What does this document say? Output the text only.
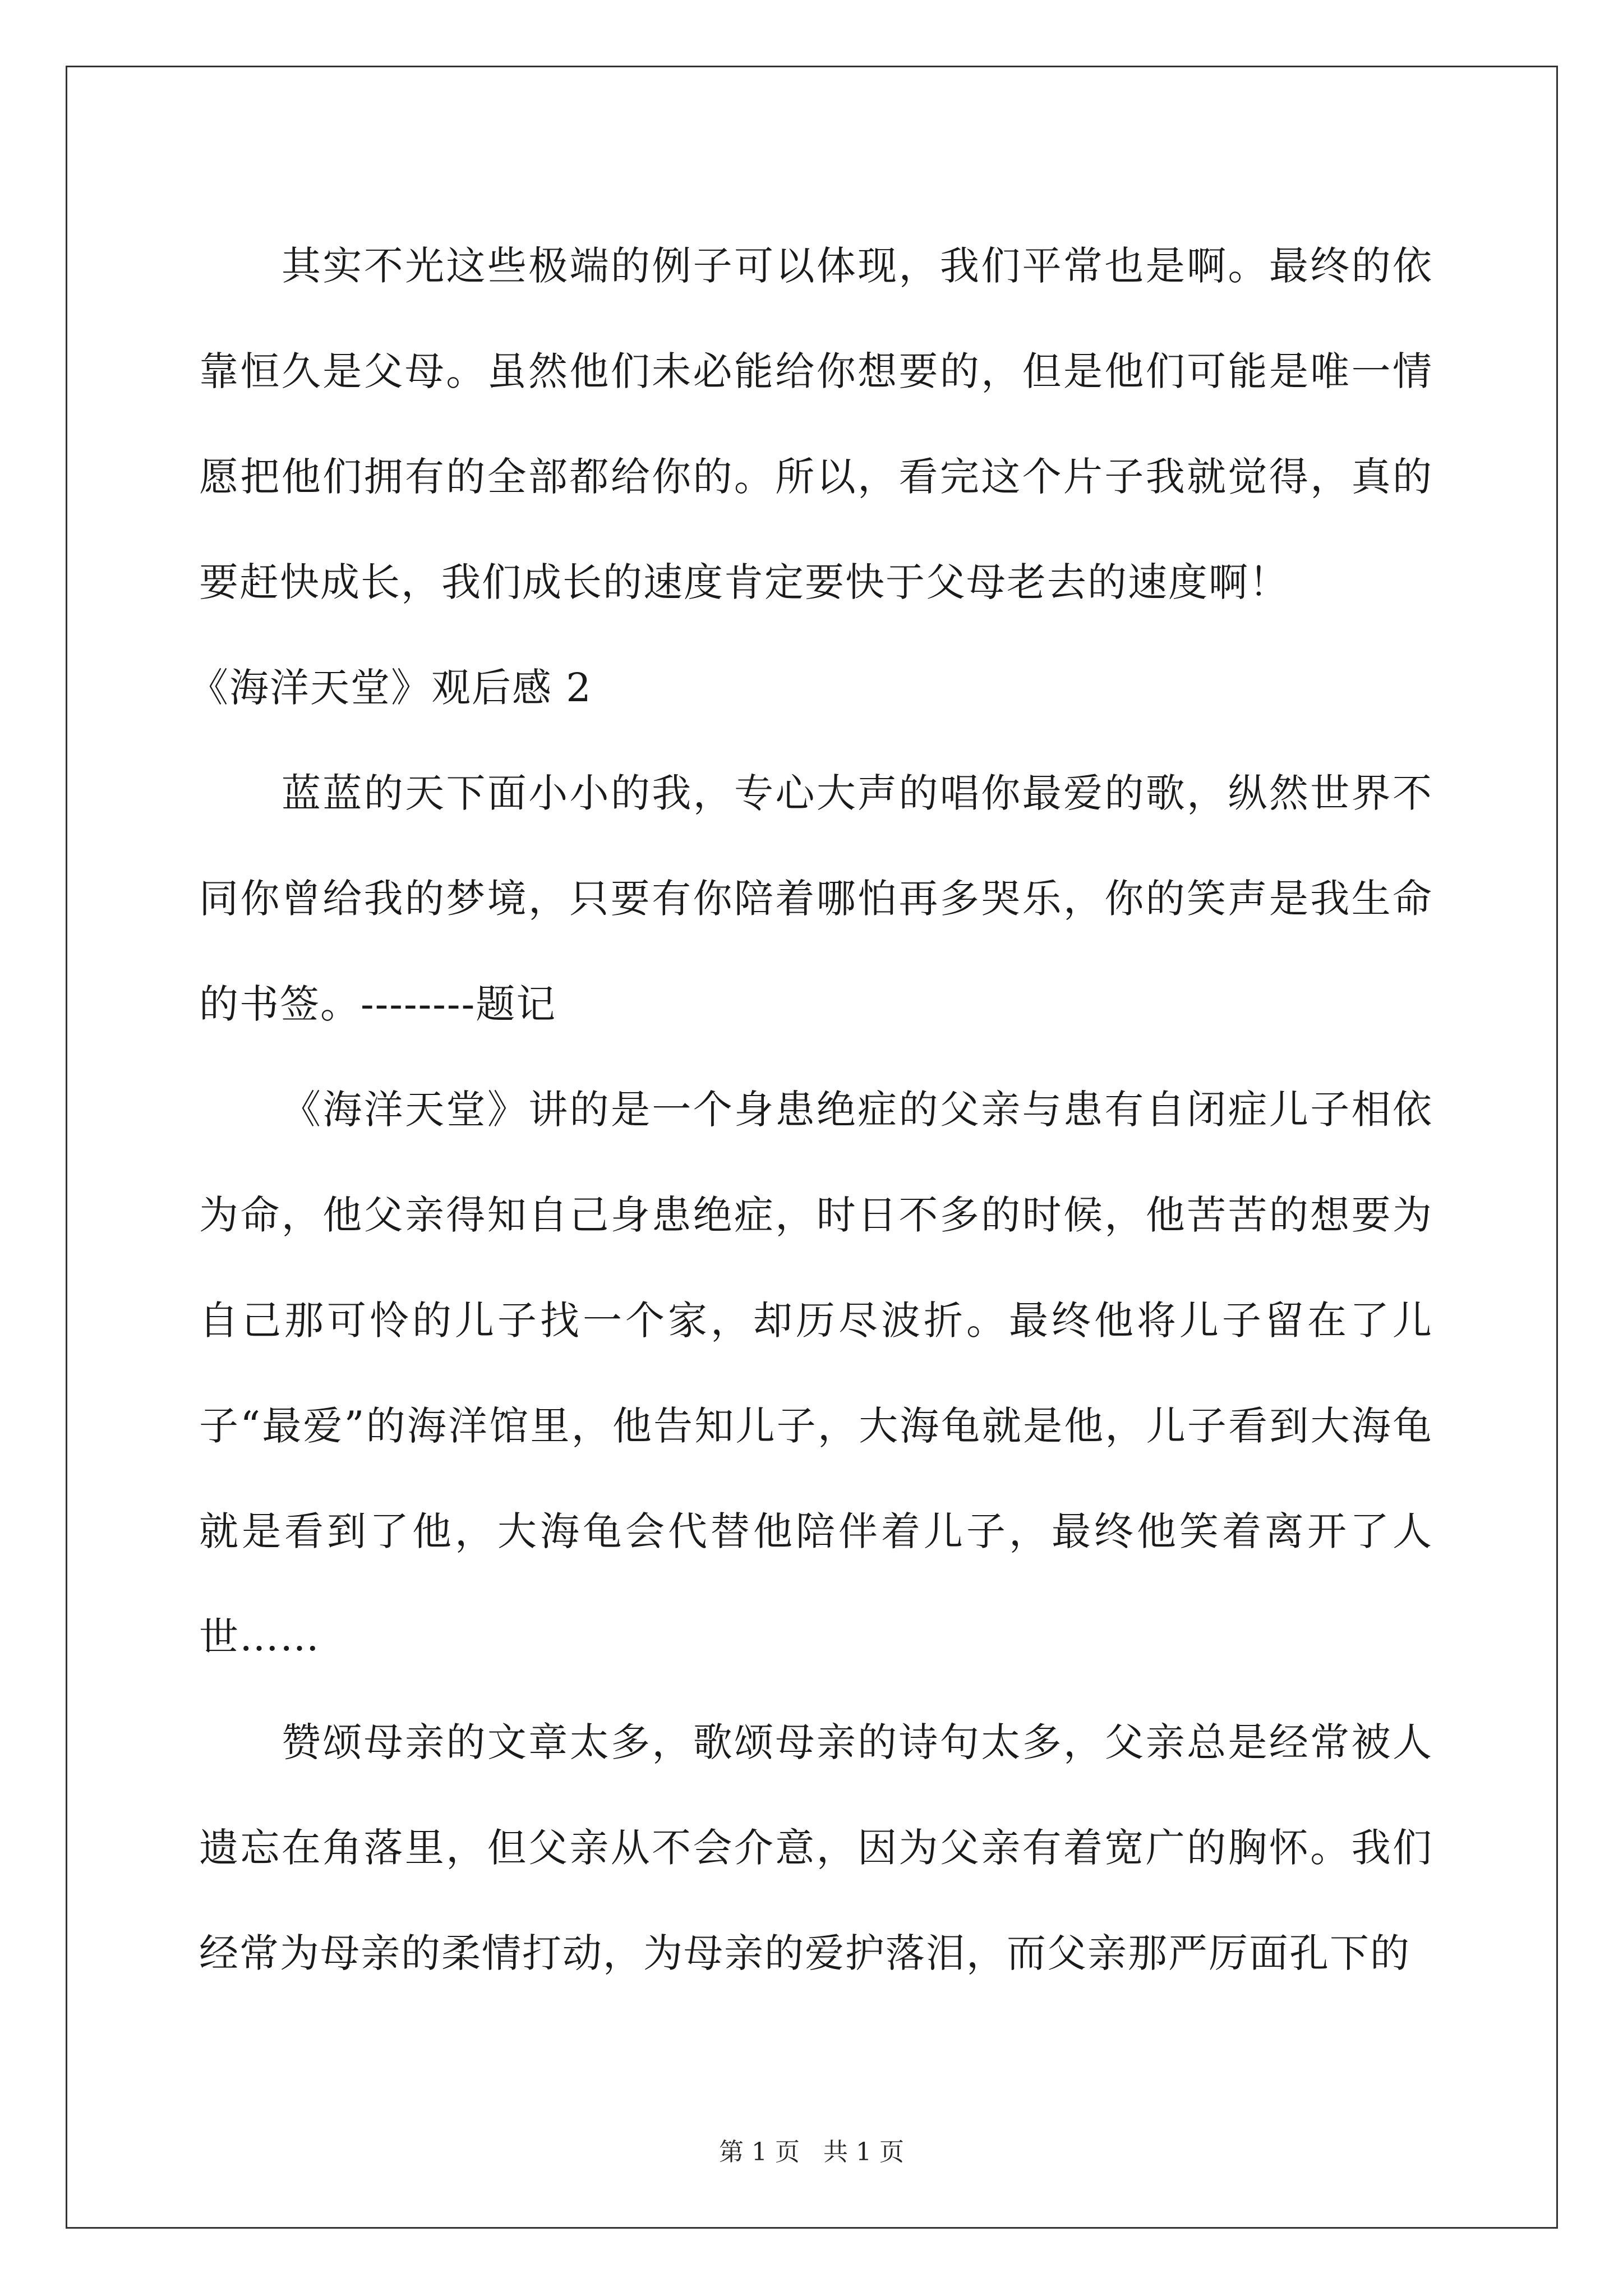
其实不光这些极端的例子可以体现，我们平常也是啊。最终的依靠恒久是父母。虽然他们未必能给你想要的，但是他们可能是唯一情愿把他们拥有的全部都给你的。所以，看完这个片子我就觉得，真的要赶快成长，我们成长的速度肯定要快于父母老去的速度啊！

《海洋天堂》观后感 2

蓝蓝的天下面小小的我，专心大声的唱你最爱的歌，纵然世界不同你曾给我的梦境，只要有你陪着哪怕再多哭乐，你的笑声是我生命的书签。--------题记

《海洋天堂》讲的是一个身患绝症的父亲与患有自闭症儿子相依为命，他父亲得知自己身患绝症，时日不多的时候，他苦苦的想要为自己那可怜的儿子找一个家，却历尽波折。最终他将儿子留在了儿子“最爱”的海洋馆里，他告知儿子，大海龟就是他，儿子看到大海龟就是看到了他，大海龟会代替他陪伴着儿子，最终他笑着离开了人世……

赞颂母亲的文章太多，歌颂母亲的诗句太多，父亲总是经常被人遗忘在角落里，但父亲从不会介意，因为父亲有着宽广的胸怀。我们经常为母亲的柔情打动，为母亲的爱护落泪，而父亲那严厉面孔下的

第 1 页 共 1 页
